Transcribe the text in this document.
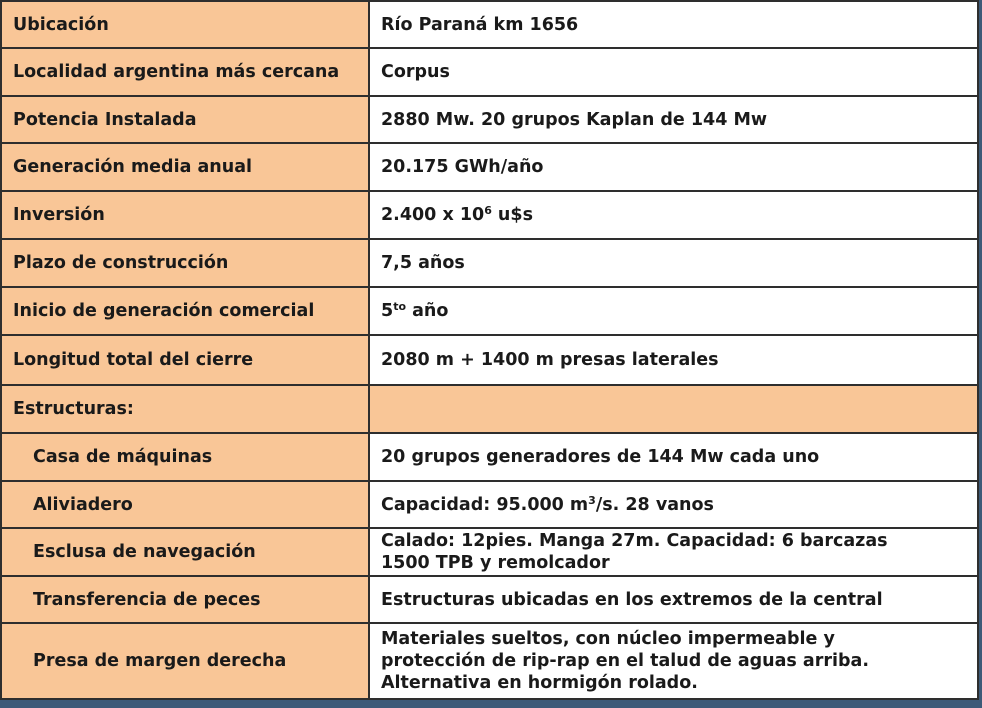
Ubicación	Río Paraná km 1656
Localidad argentina más cercana	Corpus
Potencia Instalada	2880 Mw. 20 grupos Kaplan de 144 Mw
Generación media anual	20.175 GWh/año
Inversión	2.400 x $10^6$ u$s
Plazo de construcción	7,5 años
Inicio de generación comercial	$5^{to}$ año
Longitud total del cierre	2080 m + 1400 m presas laterales
Estructuras:	
Casa de máquinas	20 grupos generadores de 144 Mw cada uno
Aliviadero	Capacidad: 95.000 $m^3/s$. 28 vanos
Esclusa de navegación	Calado: 12pies. Manga 27m. Capacidad: 6 barcazas
1500 TPB y remolcador

Transferencia de peces	Estructuras ubicadas en los extremos de la central
Presa de margen derecha	Materiales sueltos, con núcleo impermeable y
protección de rip-rap en el talud de aguas arriba.
Alternativa en hormigón rolado.
